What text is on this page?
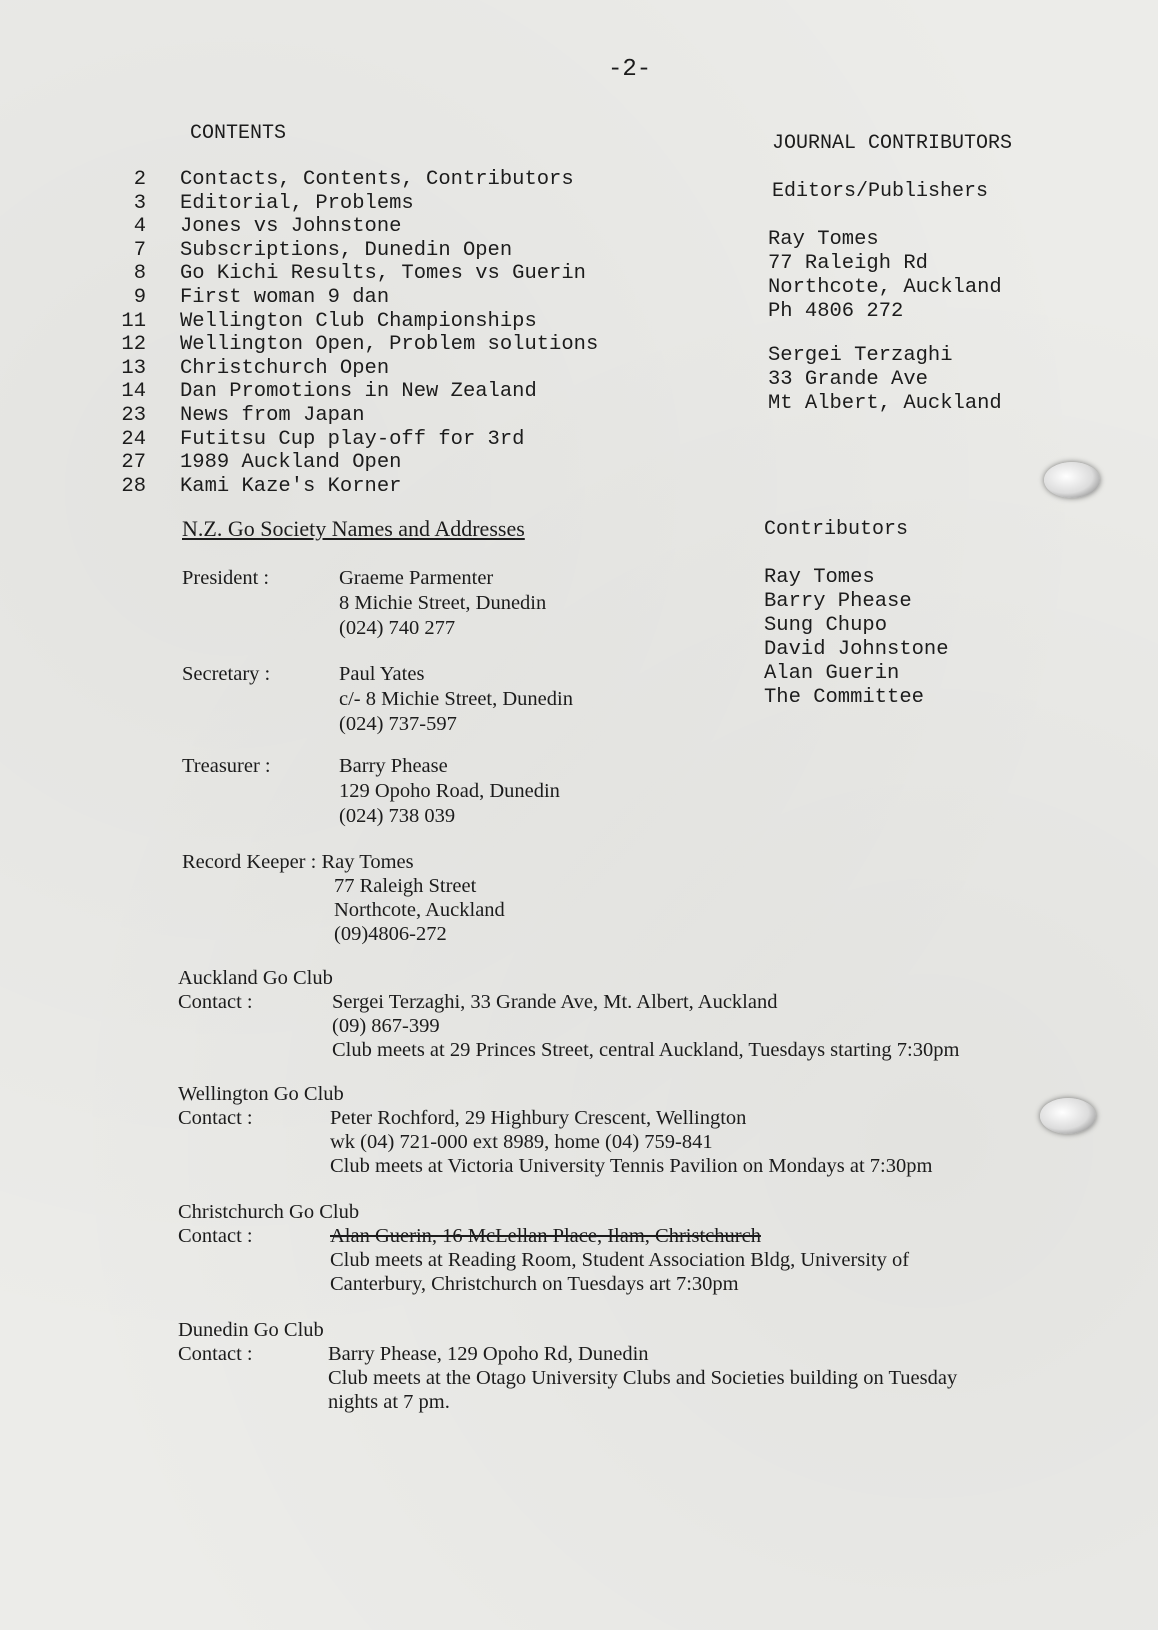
-2-
CONTENTS
2	Contacts, Contents, Contributors
3	Editorial, Problems
4	Jones vs Johnstone
7	Subscriptions, Dunedin Open
8	Go Kichi Results, Tomes vs Guerin
9	First woman 9 dan
11	Wellington Club Championships
12	Wellington Open, Problem solutions
13	Christchurch Open
14	Dan Promotions in New Zealand
23	News from Japan
24	Futitsu Cup play-off for 3rd
27	1989 Auckland Open
28	Kami Kaze's Korner
JOURNAL CONTRIBUTORS
Editors/Publishers
Ray Tomes
77 Raleigh Rd
Northcote, Auckland
Ph 4806 272
Sergei Terzaghi
33 Grande Ave
Mt Albert, Auckland
Contributors
Ray Tomes
Barry Phease
Sung Chupo
David Johnstone
Alan Guerin
The Committee
N.Z. Go Society Names and Addresses
President :	Graeme Parmenter
8 Michie Street, Dunedin
(024) 740 277
Secretary :	Paul Yates
c/- 8 Michie Street, Dunedin
(024) 737-597
Treasurer :	Barry Phease
129 Opoho Road, Dunedin
(024) 738 039
Record Keeper : Ray Tomes
77 Raleigh Street
Northcote, Auckland
(09)4806-272
Auckland Go Club
Contact :	Sergei Terzaghi, 33 Grande Ave, Mt. Albert, Auckland
(09) 867-399
Club meets at 29 Princes Street, central Auckland, Tuesdays starting 7:30pm
Wellington Go Club
Contact :	Peter Rochford, 29 Highbury Crescent, Wellington
wk (04) 721-000 ext 8989, home (04) 759-841
Club meets at Victoria University Tennis Pavilion on Mondays at 7:30pm
Christchurch Go Club
Contact :	Alan Guerin, 16 McLellan Place, Ilam, Christchurch
Club meets at Reading Room, Student Association Bldg, University of
Canterbury, Christchurch on Tuesdays art 7:30pm
Dunedin Go Club
Contact :	Barry Phease, 129 Opoho Rd, Dunedin
Club meets at the Otago University Clubs and Societies building on Tuesday
nights at 7 pm.
